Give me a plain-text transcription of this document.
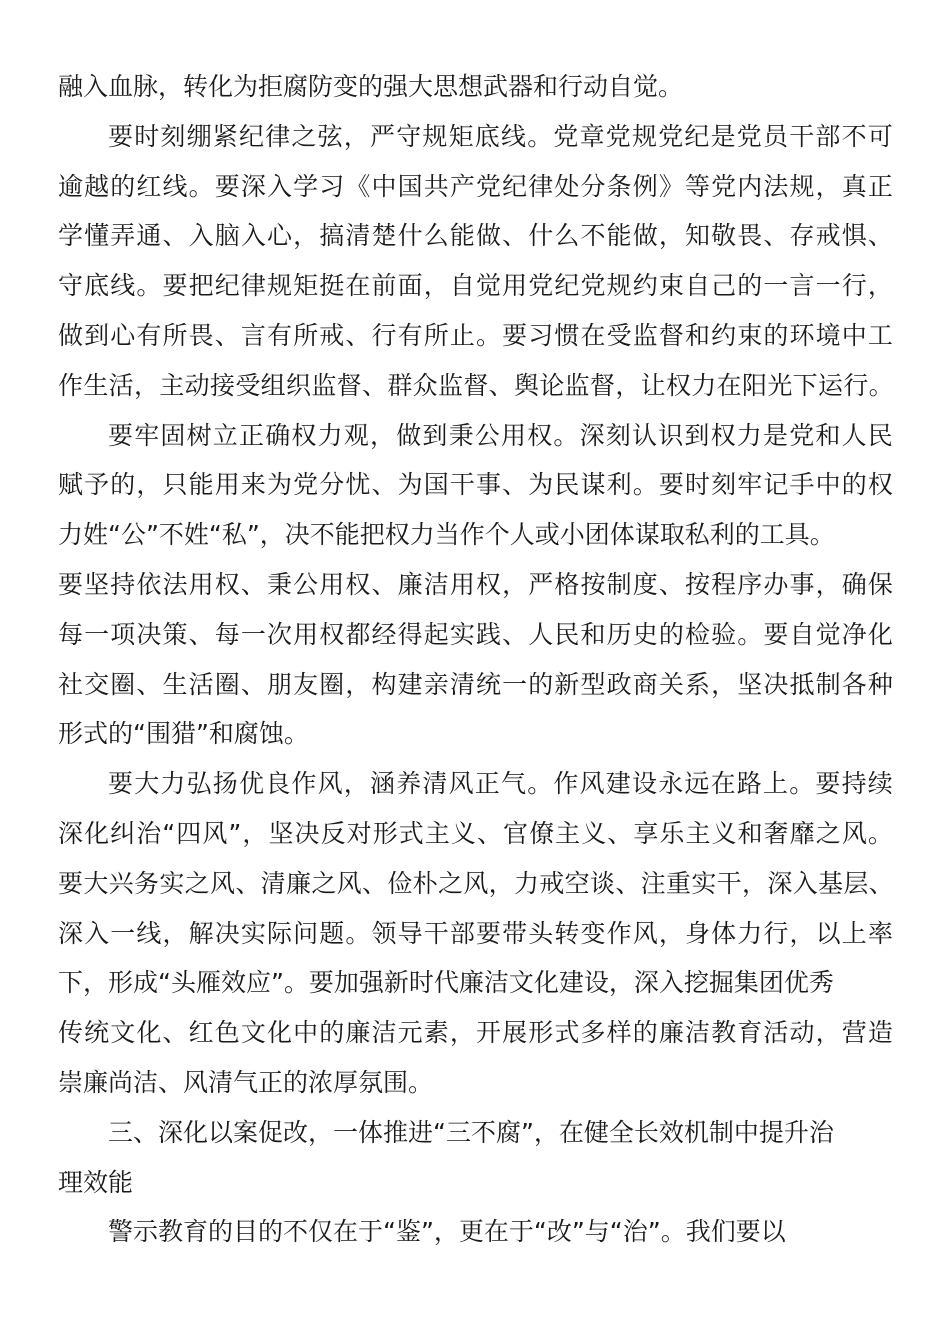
融入血脉，转化为拒腐防变的强大思想武器和行动自觉。
要时刻绷紧纪律之弦，严守规矩底线。党章党规党纪是党员干部不可
逾越的红线。要深入学习《中国共产党纪律处分条例》等党内法规，真正
学懂弄通、入脑入心，搞清楚什么能做、什么不能做，知敬畏、存戒惧、
守底线。要把纪律规矩挺在前面，自觉用党纪党规约束自己的一言一行，
做到心有所畏、言有所戒、行有所止。要习惯在受监督和约束的环境中工
作生活，主动接受组织监督、群众监督、舆论监督，让权力在阳光下运行。
要牢固树立正确权力观，做到秉公用权。深刻认识到权力是党和人民
赋予的，只能用来为党分忧、为国干事、为民谋利。要时刻牢记手中的权
力姓“公”不姓“私”，决不能把权力当作个人或小团体谋取私利的工具。
要坚持依法用权、秉公用权、廉洁用权，严格按制度、按程序办事，确保
每一项决策、每一次用权都经得起实践、人民和历史的检验。要自觉净化
社交圈、生活圈、朋友圈，构建亲清统一的新型政商关系，坚决抵制各种
形式的“围猎”和腐蚀。
要大力弘扬优良作风，涵养清风正气。作风建设永远在路上。要持续
深化纠治“四风”，坚决反对形式主义、官僚主义、享乐主义和奢靡之风。
要大兴务实之风、清廉之风、俭朴之风，力戒空谈、注重实干，深入基层、
深入一线，解决实际问题。领导干部要带头转变作风，身体力行，以上率
下，形成“头雁效应”。要加强新时代廉洁文化建设，深入挖掘集团优秀
传统文化、红色文化中的廉洁元素，开展形式多样的廉洁教育活动，营造
崇廉尚洁、风清气正的浓厚氛围。
三、深化以案促改，一体推进“三不腐”，在健全长效机制中提升治
理效能
警示教育的目的不仅在于“鉴”，更在于“改”与“治”。我们要以
